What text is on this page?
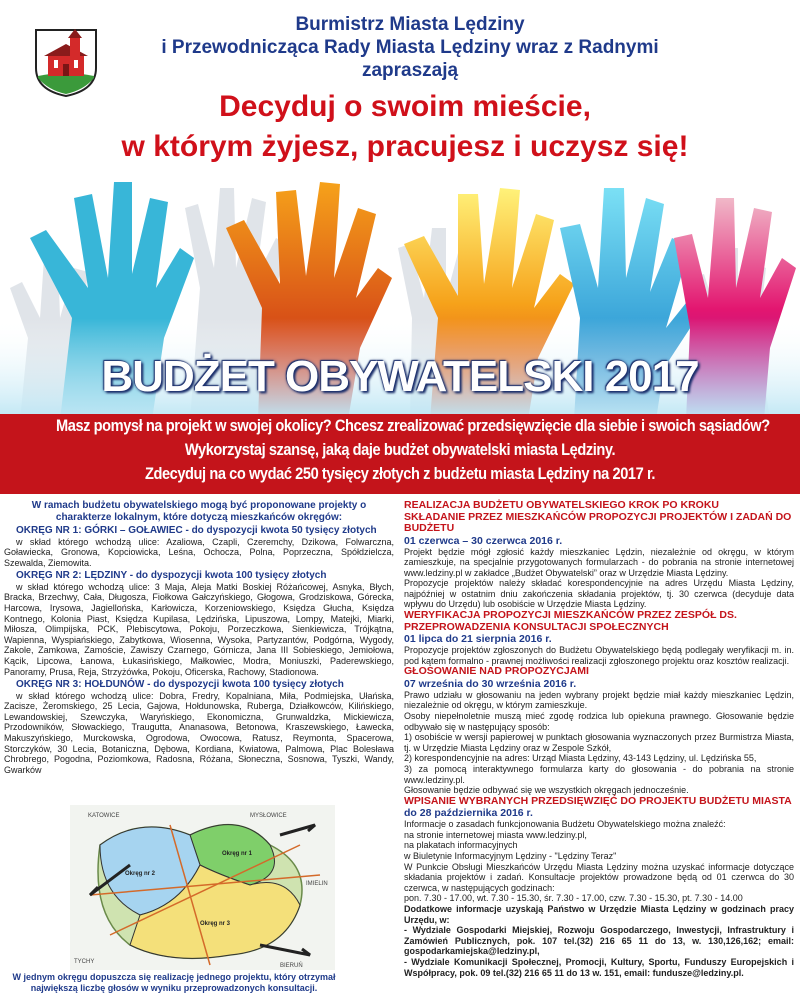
Burmistrz Miasta Lędziny
i Przewodnicząca Rady Miasta Lędziny wraz z Radnymi
zapraszają
Decyduj o swoim mieście,
w którym żyjesz, pracujesz i uczysz się!
BUDŻET OBYWATELSKI 2017
Masz pomysł na projekt w swojej okolicy? Chcesz zrealizować przedsięwzięcie dla siebie i swoich sąsiadów?
Wykorzystaj szansę, jaką daje budżet obywatelski miasta Lędziny.
Zdecyduj na co wydać 250 tysięcy złotych z budżetu miasta Lędziny na 2017 r.
W ramach budżetu obywatelskiego mogą być proponowane projekty o charakterze lokalnym, które dotyczą mieszkańców okręgów:
OKRĘG NR 1: GÓRKI – GOŁAWIEC - do dyspozycji kwota 50 tysięcy złotych
w skład którego wchodzą ulice: Azaliowa, Czapli, Czeremchy, Dzikowa, Folwarczna, Goławiecka, Gronowa, Kopciowicka, Leśna, Ochocza, Polna, Poprzeczna, Spółdzielcza, Szewalda, Ziemowita.
OKRĘG NR 2: LĘDZINY - do dyspozycji kwota 100 tysięcy złotych
w skład którego wchodzą ulice: 3 Maja, Aleja Matki Boskiej Różańcowej, Asnyka, Błych, Bracka, Brzechwy, Cała, Długosza, Fiołkowa Gałczyńskiego, Głogowa, Grodziskowa, Górecka, Harcowa, Irysowa, Jagiellońska, Karłowicza, Korzeniowskiego, Księdza Głucha, Księdza Kontnego, Kolonia Piast, Księdza Kupilasa, Lędzińska, Lipuszowa, Lompy, Matejki, Miarki, Miłosza, Olimpijska, PCK, Plebiscytowa, Pokoju, Porzeczkowa, Sienkiewicza, Trójkątna, Wapienna, Wyspiańskiego, Zabytkowa, Wiosenna, Wysoka, Partyzantów, Podgórna, Wygody, Zakole, Zamkowa, Zamoście, Zawiszy Czarnego, Górnicza, Jana III Sobieskiego, Jemiołowa, Kącik, Lipcowa, Łanowa, Łukasińskiego, Małkowiec, Modra, Moniuszki, Paderewskiego, Panoramy, Prusa, Reja, Strzyżówka, Pokoju, Oficerska, Rachowy, Stadionowa.
OKRĘG NR 3: HOŁDUNÓW - do dyspozycji kwota 100 tysięcy złotych
w skład którego wchodzą ulice: Dobra, Fredry, Kopalniana, Miła, Podmiejska, Ułańska, Zacisze, Żeromskiego, 25 Lecia, Gajowa, Hołdunowska, Ruberga, Działkowców, Kilińskiego, Lewandowskiej, Szewczyka, Waryńskiego, Ekonomiczna, Grunwaldzka, Mickiewicza, Przodowników, Słowackiego, Traugutta, Ananasowa, Betonowa, Kraszewskiego, Ławecka, Makuszyńskiego, Murckowska, Ogrodowa, Owocowa, Ratusz, Reymonta, Spacerowa, Storczyków, 30 Lecia, Botaniczna, Dębowa, Kordiana, Kwiatowa, Palmowa, Plac Bolesława Chrobrego, Pogodna, Poziomkowa, Radosna, Różana, Słoneczna, Sosnowa, Tyszki, Wandy, Gwarków
KATOWICE	MYSŁOWICE
IMIELIN
BIERUŃ
TYCHY
Okręg nr 1
Okręg nr 2
Okręg nr 3
W jednym okręgu dopuszcza się realizację jednego projektu, który otrzymał największą liczbę głosów w wyniku przeprowadzonych konsultacji.
REALIZACJA BUDŻETU OBYWATELSKIEGO KROK PO KROKU
SKŁADANIE PRZEZ MIESZKAŃCÓW PROPOZYCJI PROJEKTÓW I ZADAŃ DO BUDŻETU
01 czerwca – 30 czerwca 2016 r.
Projekt będzie mógł zgłosić każdy mieszkaniec Lędzin, niezależnie od okręgu, w którym zamieszkuje, na specjalnie przygotowanych formularzach - do pobrania na stronie internetowej www.ledziny.pl w zakładce „Budżet Obywatelski” oraz w Urzędzie Miasta Lędziny.
Propozycje projektów należy składać korespondencyjnie na adres Urzędu Miasta Lędziny, najpóźniej w ostatnim dniu zakończenia składania projektów, tj. 30 czerwca (decyduje data wpływu do Urzędu) lub osobiście w Urzędzie Miasta Lędziny.
WERYFIKACJA PROPOZYCJI MIESZKAŃCÓW PRZEZ ZESPÓŁ DS. PRZEPROWADZENIA KONSULTACJI SPOŁECZNYCH
01 lipca do 21 sierpnia 2016 r.
Propozycje projektów zgłoszonych do Budżetu Obywatelskiego będą podlegały weryfikacji m. in. pod kątem formalno - prawnej możliwości realizacji zgłoszonego projektu oraz kosztów realizacji.
GŁOSOWANIE NAD PROPOZYCJAMI
07 września do 30 września 2016 r.
Prawo udziału w głosowaniu na jeden wybrany projekt będzie miał każdy mieszkaniec Lędzin, niezależnie od okręgu, w którym zamieszkuje.
Osoby niepełnoletnie muszą mieć zgodę rodzica lub opiekuna prawnego. Głosowanie będzie odbywało się w następujący sposób:
1) osobiście w wersji papierowej w punktach głosowania wyznaczonych przez Burmistrza Miasta, tj. w Urzędzie Miasta Lędziny oraz w Zespole Szkół,
2) korespondencyjnie na adres: Urząd Miasta Lędziny, 43-143 Lędziny, ul. Lędzińska 55,
3) za pomocą interaktywnego formularza karty do głosowania - do pobrania na stronie www.ledziny.pl.
Głosowanie będzie odbywać się we wszystkich okręgach jednocześnie.
WPISANIE WYBRANYCH PRZEDSIĘWZIĘĆ DO PROJEKTU BUDŻETU MIASTA
do 28 października 2016 r.
Informacje o zasadach funkcjonowania Budżetu Obywatelskiego można znaleźć:
na stronie internetowej miasta www.ledziny.pl,
na plakatach informacyjnych
w Biuletynie Informacyjnym Lędziny - "Lędziny Teraz"
W Punkcie Obsługi Mieszkańców Urzędu Miasta Lędziny można uzyskać informacje dotyczące składania projektów i zadań. Konsultacje projektów prowadzone będą od 01 czerwca do 30 czerwca, w następujących godzinach:
pon. 7.30 - 17.00, wt. 7.30 - 15.30, śr. 7.30 - 17.00, czw. 7.30 - 15.30, pt. 7.30 - 14.00
Dodatkowe informacje uzyskają Państwo w Urzędzie Miasta Lędziny w godzinach pracy Urzędu, w:
- Wydziale Gospodarki Miejskiej, Rozwoju Gospodarczego, Inwestycji, Infrastruktury i Zamówień Publicznych, pok. 107 tel.(32) 216 65 11 do 13, w. 130,126,162; email: gospodarkamiejska@ledziny.pl,
- Wydziale Komunikacji Społecznej, Promocji, Kultury, Sportu, Funduszy Europejskich i Współpracy, pok. 09 tel.(32) 216 65 11 do 13 w. 151, email: fundusze@ledziny.pl.
